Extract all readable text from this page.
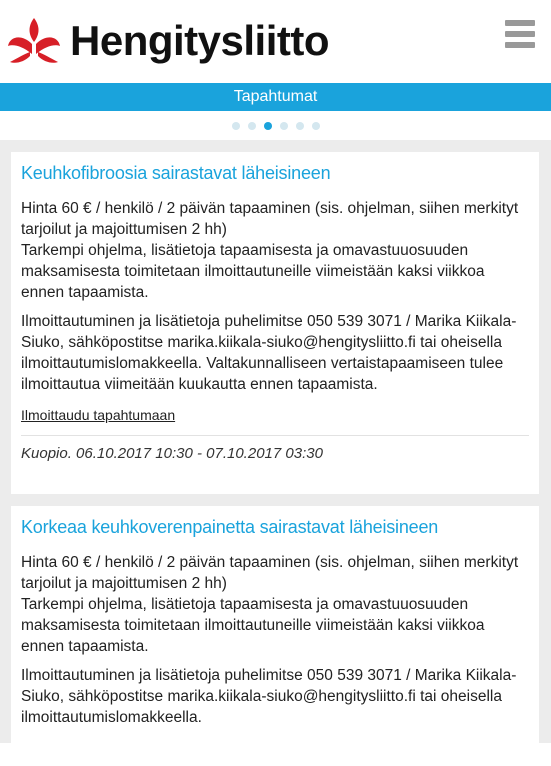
Hengitysliitto
Tapahtumat
Keuhkofibroosia sairastavat läheisineen
Hinta 60 € / henkilö / 2 päivän tapaaminen (sis. ohjelman, siihen merkityt tarjoilut ja majoittumisen 2 hh)
Tarkempi ohjelma, lisätietoja tapaamisesta ja omavastuuosuuden maksamisesta toimitetaan ilmoittautuneille viimeistään kaksi viikkoa ennen tapaamista.
Ilmoittautuminen ja lisätietoja puhelimitse 050 539 3071 / Marika Kiikala-Siuko, sähköpostitse marika.kiikala-siuko@hengitysliitto.fi tai oheisella ilmoittautumislomakkeella. Valtakunnalliseen vertaistapaamiseen tulee ilmoittautua viimeitään kuukautta ennen tapaamista.
Ilmoittaudu tapahtumaan
Kuopio. 06.10.2017 10:30 - 07.10.2017 03:30
Korkeaa keuhkoverenpainetta sairastavat läheisineen
Hinta 60 € / henkilö / 2 päivän tapaaminen (sis. ohjelman, siihen merkityt tarjoilut ja majoittumisen 2 hh)
Tarkempi ohjelma, lisätietoja tapaamisesta ja omavastuuosuuden maksamisesta toimitetaan ilmoittautuneille viimeistään kaksi viikkoa ennen tapaamista.
Ilmoittautuminen ja lisätietoja puhelimitse 050 539 3071 / Marika Kiikala-Siuko, sähköpostitse marika.kiikala-siuko@hengitysliitto.fi tai oheisella ilmoittautumislomakkeella.
